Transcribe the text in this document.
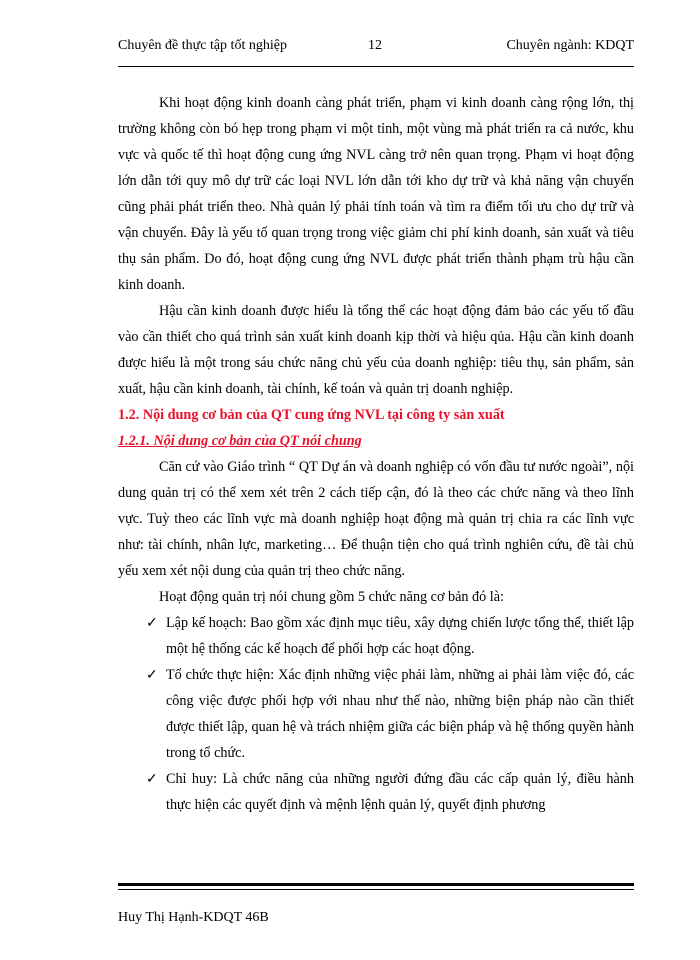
Chuyên đề thực tập tốt nghiệp	12	Chuyên ngành: KDQT

Khi hoạt động kinh doanh càng phát triển, phạm vi kinh doanh càng rộng lớn, thị trường không còn bó hẹp trong phạm vi một tỉnh, một vùng mà phát triển ra cả nước, khu vực và quốc tế thì hoạt động cung ứng NVL càng trở nên quan trọng. Phạm vi hoạt động lớn dẫn tới quy mô dự trữ các loại NVL lớn dẫn tới kho dự trữ và khả năng vận chuyển cũng phải phát triển theo. Nhà quản lý phải tính toán và tìm ra điểm tối ưu cho dự trữ và vận chuyển. Đây là yếu tố quan trọng trong việc giảm chi phí kinh doanh, sản xuất và tiêu thụ sản phẩm. Do đó, hoạt động cung ứng NVL được phát triển thành phạm trù hậu cần kinh doanh.

Hậu cần kinh doanh được hiểu là tổng thể các hoạt động đảm bảo các yếu tố đầu vào cần thiết cho quá trình sản xuất kinh doanh kịp thời và hiệu qủa. Hậu cần kinh doanh được hiểu là một trong sáu chức năng chủ yếu của doanh nghiệp: tiêu thụ, sản phẩm, sản xuất, hậu cần kinh doanh, tài chính, kế toán và quản trị doanh nghiệp.

1.2. Nội dung cơ bản của QT cung ứng NVL tại công ty sản xuất

1.2.1. Nội dung cơ bản của QT nói chung

Căn cứ vào Giáo trình “ QT Dự án và doanh nghiệp có vốn đầu tư nước ngoài”, nội dung quản trị có thể xem xét trên 2 cách tiếp cận, đó là theo các chức năng và theo lĩnh vực. Tuỳ theo các lĩnh vực mà doanh nghiệp hoạt động mà quản trị chia ra các lĩnh vực như: tài chính, nhân lực, marketing… Để thuận tiện cho quá trình nghiên cứu, đề tài chủ yếu xem xét nội dung của quản trị theo chức năng.

Hoạt động quản trị nói chung gồm 5 chức năng cơ bản đó là:

✓ Lập kế hoạch: Bao gồm xác định mục tiêu, xây dựng chiến lược tổng thể, thiết lập một hệ thống các kế hoạch để phối hợp các hoạt động.
✓ Tổ chức thực hiện: Xác định những việc phải làm, những ai phải làm việc đó, các công việc được phối hợp với nhau như thế nào, những biện pháp nào cần thiết được thiết lập, quan hệ và trách nhiệm giữa các biện pháp và hệ thống quyền hành trong tổ chức.
✓ Chỉ huy: Là chức năng của những người đứng đầu các cấp quản lý, điều hành thực hiện các quyết định và mệnh lệnh quản lý, quyết định phương
Huy Thị Hạnh-KDQT 46B
